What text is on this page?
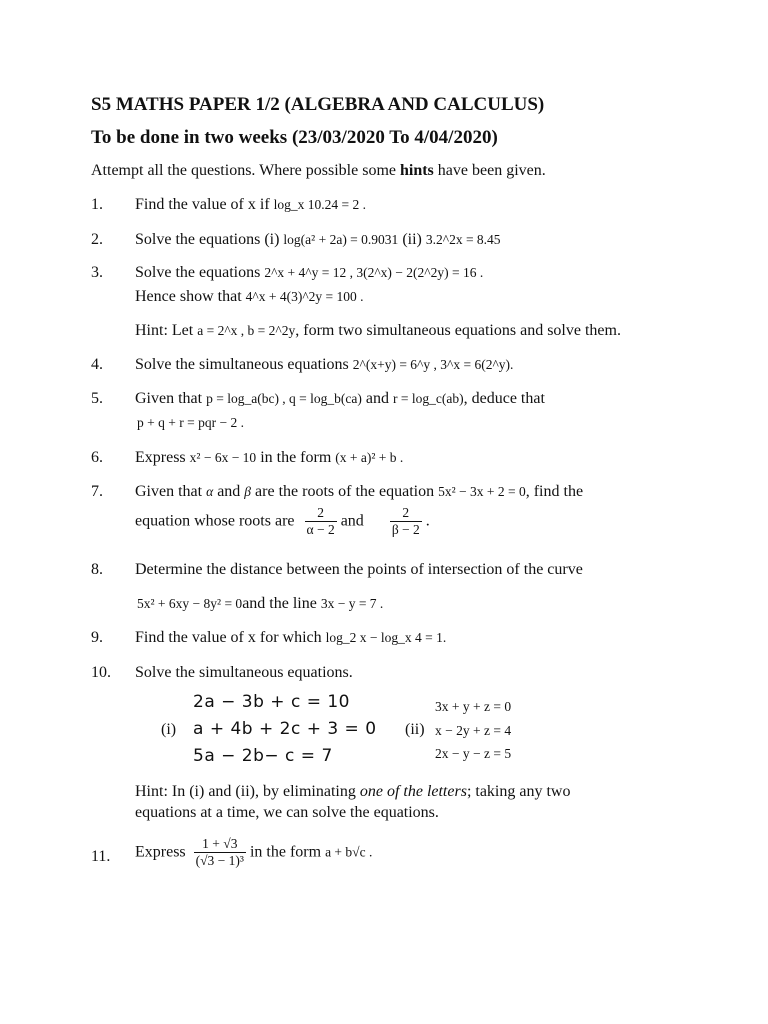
S5 MATHS PAPER 1/2 (ALGEBRA AND CALCULUS)
To be done in two weeks (23/03/2020 To 4/04/2020)
Attempt all the questions. Where possible some hints have been given.
1. Find the value of x if log_x 10.24 = 2 .
2. Solve the equations (i) log(a² + 2a) = 0.9031 (ii) 3.2^2x = 8.45
3. Solve the equations 2^x + 4^y = 12 , 3(2^x) − 2(2^2y) = 16 .
Hence show that 4^x + 4(3)^2y = 100 .
Hint: Let a = 2^x , b = 2^2y, form two simultaneous equations and solve them.
4. Solve the simultaneous equations 2^(x+y) = 6^y , 3^x = 6(2^y).
5. Given that p = log_a(bc) , q = log_b(ca) and r = log_c(ab), deduce that
p + q + r = pqr − 2 .
6. Express x² − 6x − 10 in the form (x + a)² + b .
7. Given that α and β are the roots of the equation 5x² − 3x + 2 = 0, find the
equation whose roots are $\frac{2}{\alpha - 2}$ and $\frac{2}{\beta - 2}$ .
8. Determine the distance between the points of intersection of the curve
5x² + 6xy − 8y² = 0and the line 3x − y = 7 .
9. Find the value of x for which log_2 x − log_x 4 = 1.
10. Solve the simultaneous equations.
2a − 3b + c = 10
(i) a + 4b + 2c + 3 = 0
5a − 2b− c = 7
3x + y + z = 0
(ii) x − 2y + z = 4
2x − y − z = 5
Hint: In (i) and (ii), by eliminating one of the letters; taking any two
equations at a time, we can solve the equations.
11. Express $\frac{1 + √3}{\text{(√3 − 1)³}}$ in the form a + b√c .
